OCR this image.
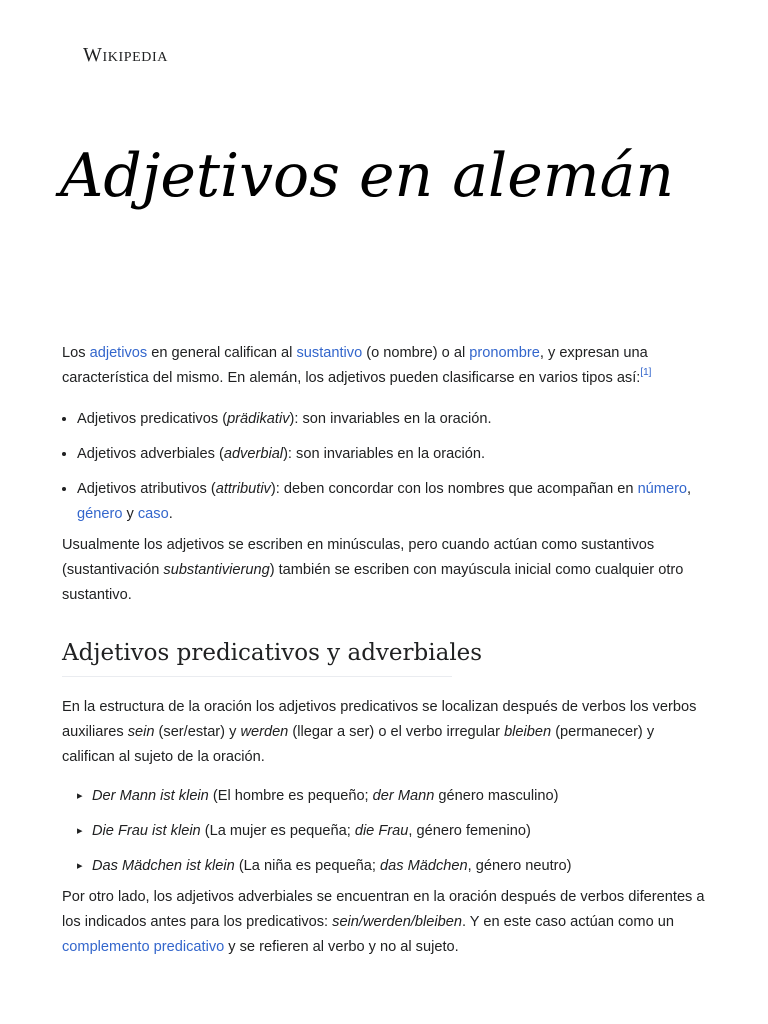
Wikipedia
Adjetivos en alemán

Los adjetivos en general califican al sustantivo (o nombre) o al pronombre, y expresan una característica del mismo. En alemán, los adjetivos pueden clasificarse en varios tipos así:[1]

• Adjetivos predicativos (prädikativ): son invariables en la oración.
• Adjetivos adverbiales (adverbial): son invariables en la oración.
• Adjetivos atributivos (attributiv): deben concordar con los nombres que acompañan en número, género y caso.

Usualmente los adjetivos se escriben en minúsculas, pero cuando actúan como sustantivos (sustantivación substantivierung) también se escriben con mayúscula inicial como cualquier otro sustantivo.

Adjetivos predicativos y adverbiales

En la estructura de la oración los adjetivos predicativos se localizan después de verbos los verbos auxiliares sein (ser/estar) y werden (llegar a ser) o el verbo irregular bleiben (permanecer) y califican al sujeto de la oración.

▸ Der Mann ist klein (El hombre es pequeño; der Mann género masculino)
▸ Die Frau ist klein (La mujer es pequeña; die Frau, género femenino)
▸ Das Mädchen ist klein (La niña es pequeña; das Mädchen, género neutro)

Por otro lado, los adjetivos adverbiales se encuentran en la oración después de verbos diferentes a los indicados antes para los predicativos: sein/werden/bleiben. Y en este caso actúan como un complemento predicativo y se refieren al verbo y no al sujeto.
